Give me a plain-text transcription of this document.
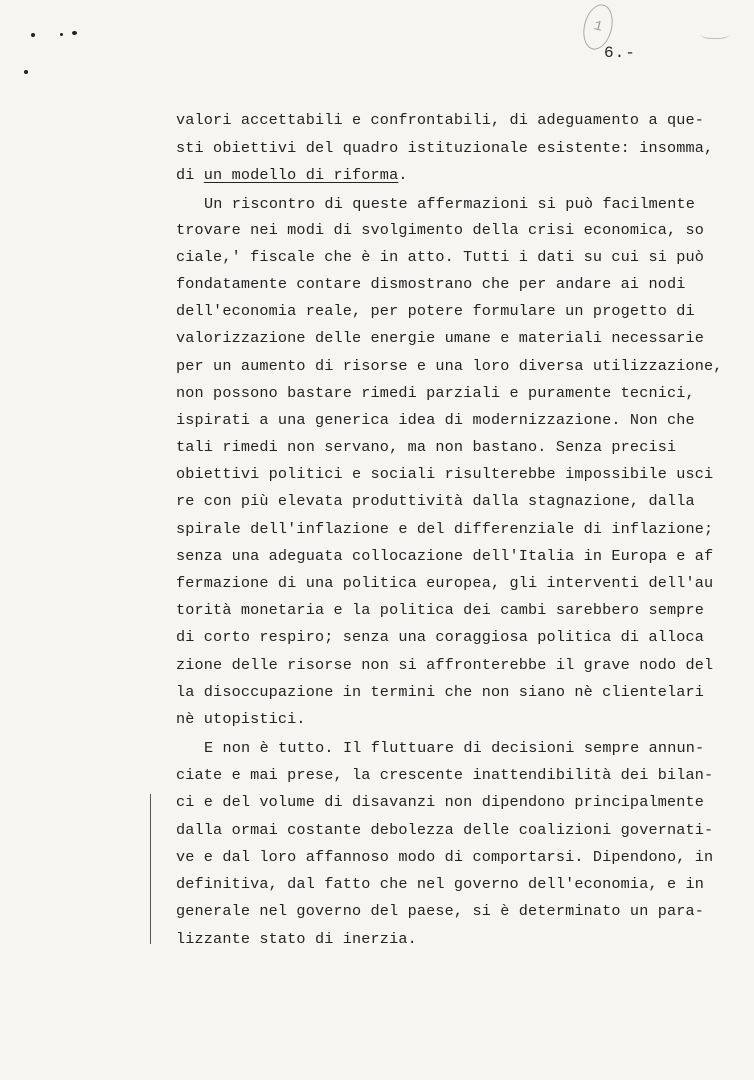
1
6.-
valori accettabili e confrontabili, di adeguamento a que-
sti obiettivi del quadro istituzionale esistente: insomma,
di un modello di riforma.
Un riscontro di queste affermazioni si può facilmente
trovare nei modi di svolgimento della crisi economica, so
ciale,' fiscale che è in atto. Tutti i dati su cui si può
fondatamente contare dismostrano che per andare ai nodi
dell'economia reale, per potere formulare un progetto di
valorizzazione delle energie umane e materiali necessarie
per un aumento di risorse e una loro diversa utilizzazione,
non possono bastare rimedi parziali e puramente tecnici,
ispirati a una generica idea di modernizzazione. Non che
tali rimedi non servano, ma non bastano. Senza precisi
obiettivi politici e sociali risulterebbe impossibile usci
re con più elevata produttività dalla stagnazione, dalla
spirale dell'inflazione e del differenziale di inflazione;
senza una adeguata collocazione dell'Italia in Europa e af
fermazione di una politica europea, gli interventi dell'au
torità monetaria e la politica dei cambi sarebbero sempre
di corto respiro; senza una coraggiosa politica di alloca
zione delle risorse non si affronterebbe il grave nodo del
la disoccupazione in termini che non siano nè clientelari
nè utopistici.
E non è tutto. Il fluttuare di decisioni sempre annun-
ciate e mai prese, la crescente inattendibilità dei bilan-
ci e del volume di disavanzi non dipendono principalmente
dalla ormai costante debolezza delle coalizioni governati-
ve e dal loro affannoso modo di comportarsi. Dipendono, in
definitiva, dal fatto che nel governo dell'economia, e in
generale nel governo del paese, si è determinato un para-
lizzante stato di inerzia.
